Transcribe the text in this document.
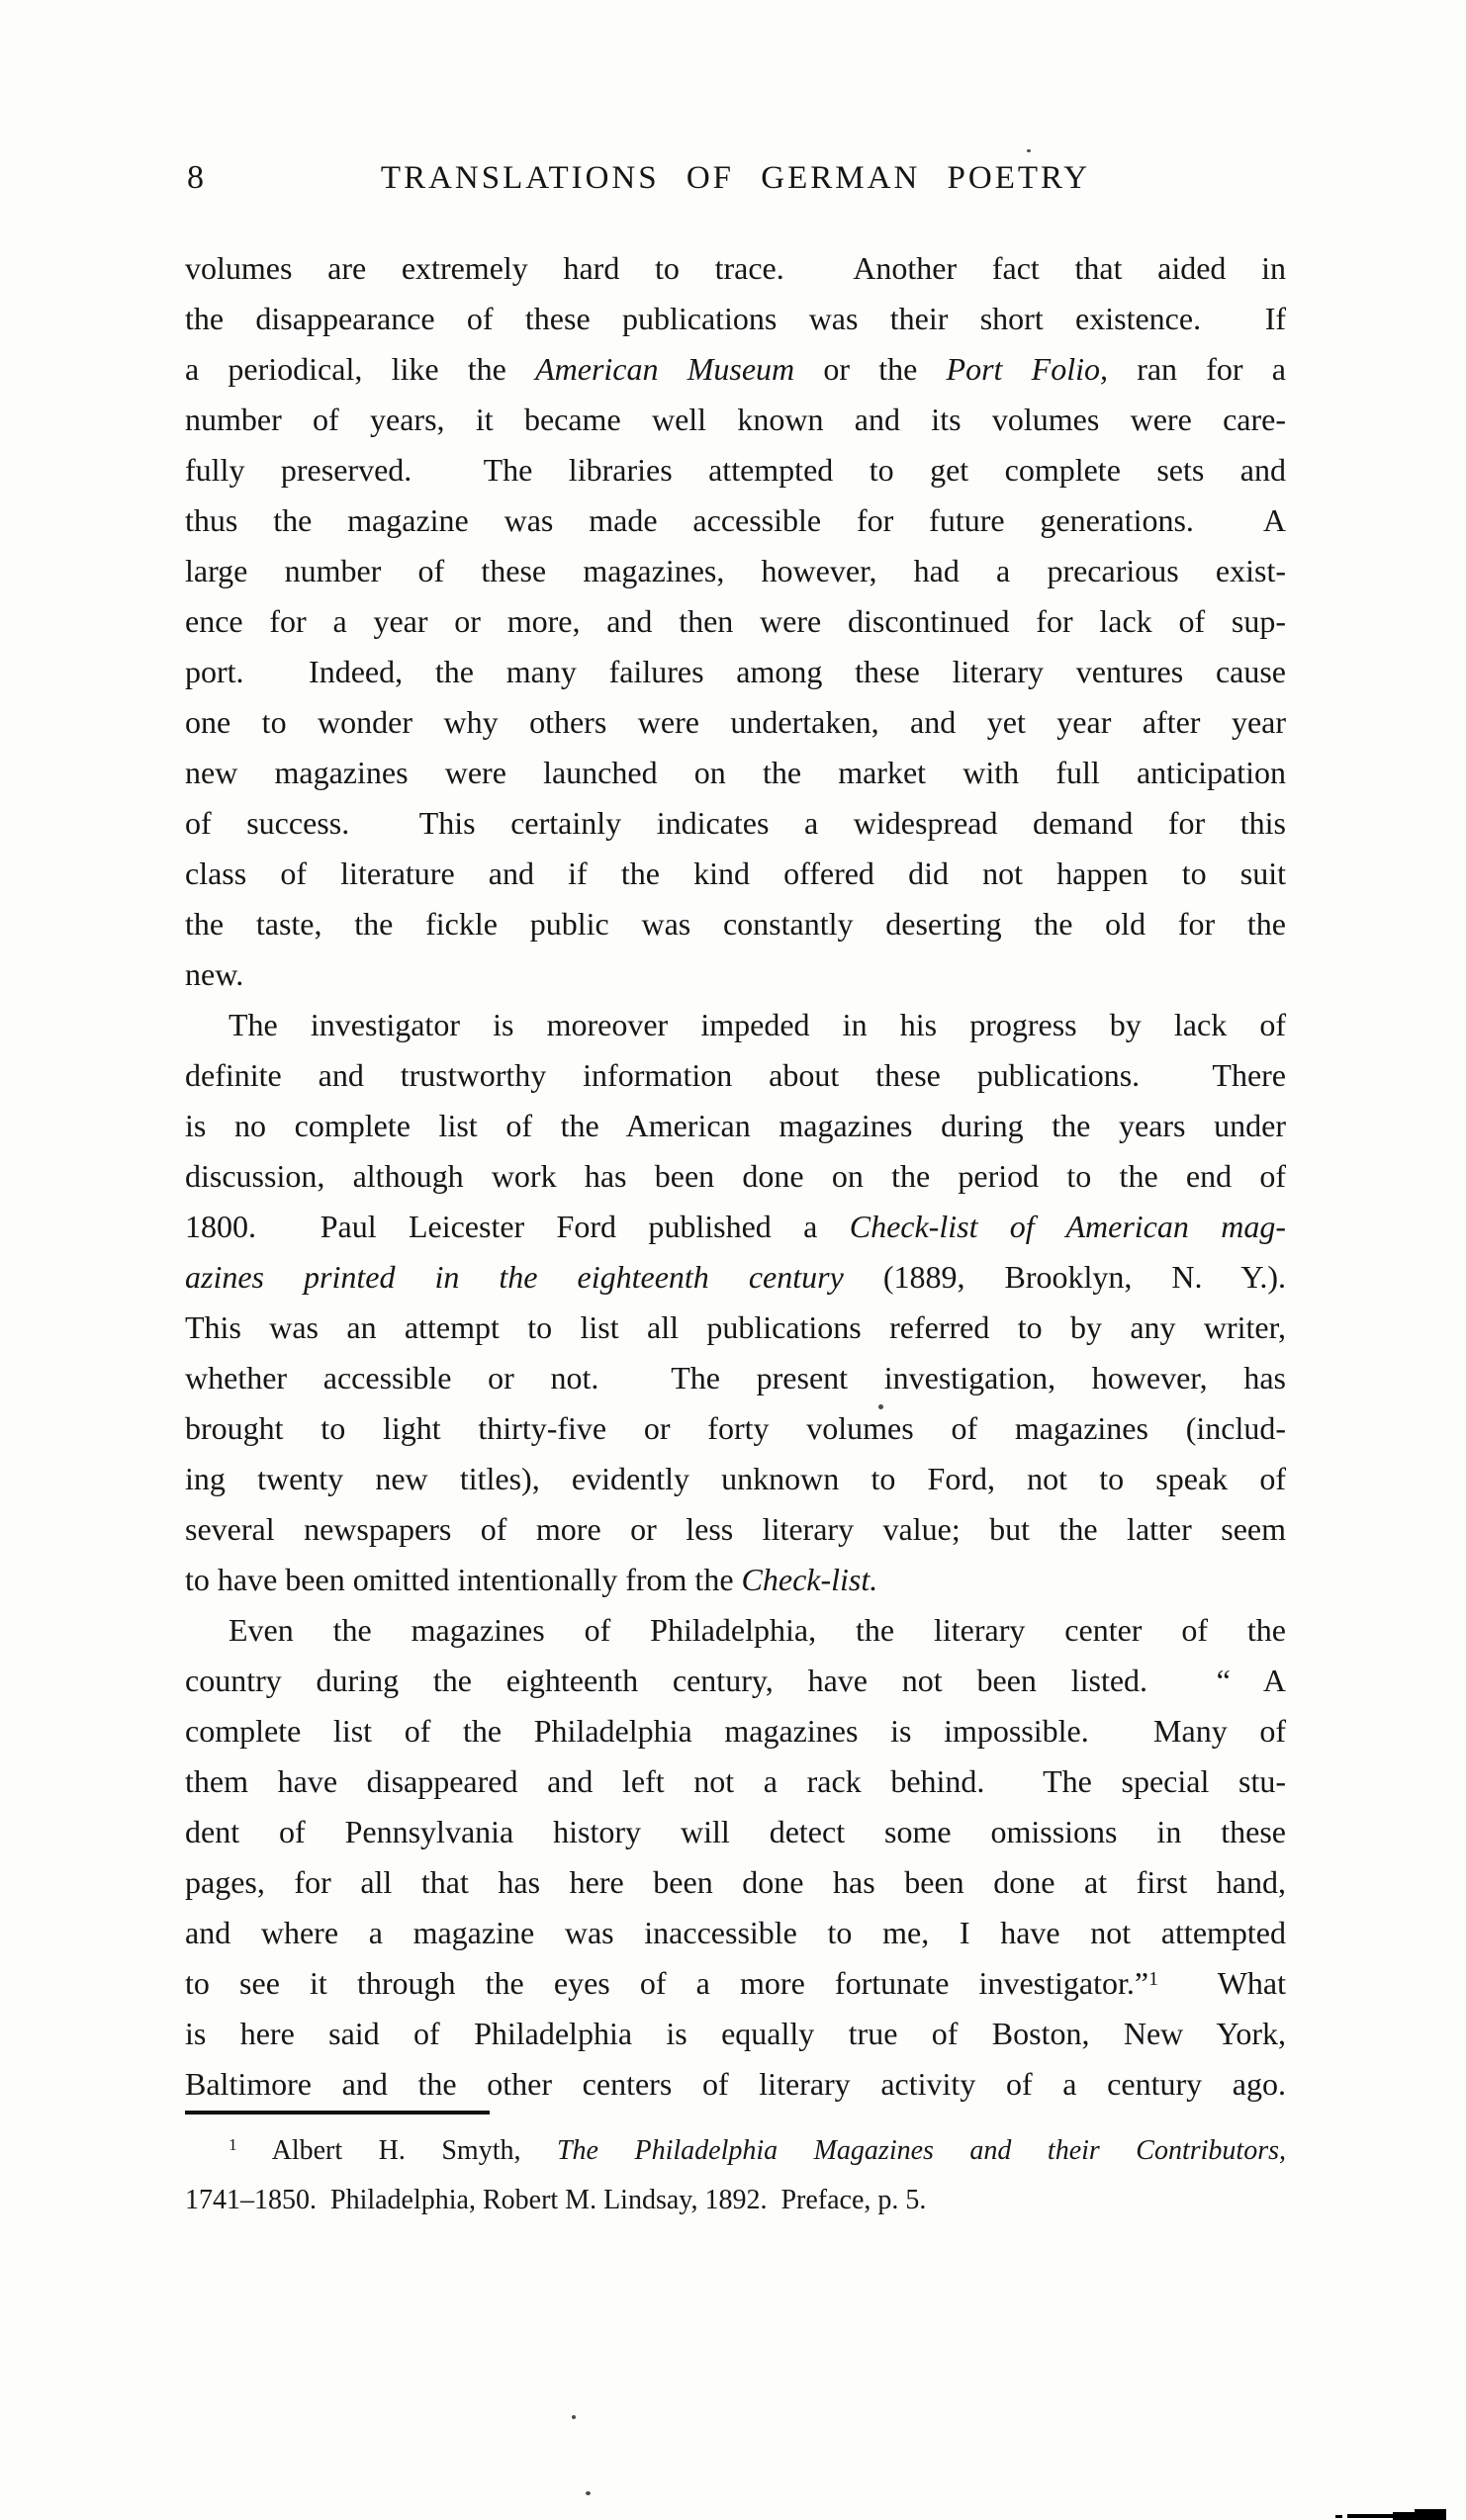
8	TRANSLATIONS OF GERMAN POETRY
volumes are extremely hard to trace.  Another fact that aided in
the disappearance of these publications was their short existence.  If
a periodical, like the American Museum or the Port Folio, ran for a
number of years, it became well known and its volumes were care-
fully preserved.  The libraries attempted to get complete sets and
thus the magazine was made accessible for future generations.  A
large number of these magazines, however, had a precarious exist-
ence for a year or more, and then were discontinued for lack of sup-
port.  Indeed, the many failures among these literary ventures cause
one to wonder why others were undertaken, and yet year after year
new magazines were launched on the market with full anticipation
of success.  This certainly indicates a widespread demand for this
class of literature and if the kind offered did not happen to suit
the taste, the fickle public was constantly deserting the old for the
new.
The investigator is moreover impeded in his progress by lack of
definite and trustworthy information about these publications.  There
is no complete list of the American magazines during the years under
discussion, although work has been done on the period to the end of
1800.  Paul Leicester Ford published a Check-list of American mag-
azines printed in the eighteenth century (1889, Brooklyn, N. Y.).
This was an attempt to list all publications referred to by any writer,
whether accessible or not.  The present investigation, however, has
brought to light thirty-five or forty volumes of magazines (includ-
ing twenty new titles), evidently unknown to Ford, not to speak of
several newspapers of more or less literary value; but the latter seem
to have been omitted intentionally from the Check-list.
Even the magazines of Philadelphia, the literary center of the
country during the eighteenth century, have not been listed.  “ A
complete list of the Philadelphia magazines is impossible.  Many of
them have disappeared and left not a rack behind.  The special stu-
dent of Pennsylvania history will detect some omissions in these
pages, for all that has here been done has been done at first hand,
and where a magazine was inaccessible to me, I have not attempted
to see it through the eyes of a more fortunate investigator.”$^1$  What
is here said of Philadelphia is equally true of Boston, New York,
Baltimore and the other centers of literary activity of a century ago.
$^1$ Albert H. Smyth, The Philadelphia Magazines and their Contributors,
1741–1850.  Philadelphia, Robert M. Lindsay, 1892.  Preface, p. 5.
